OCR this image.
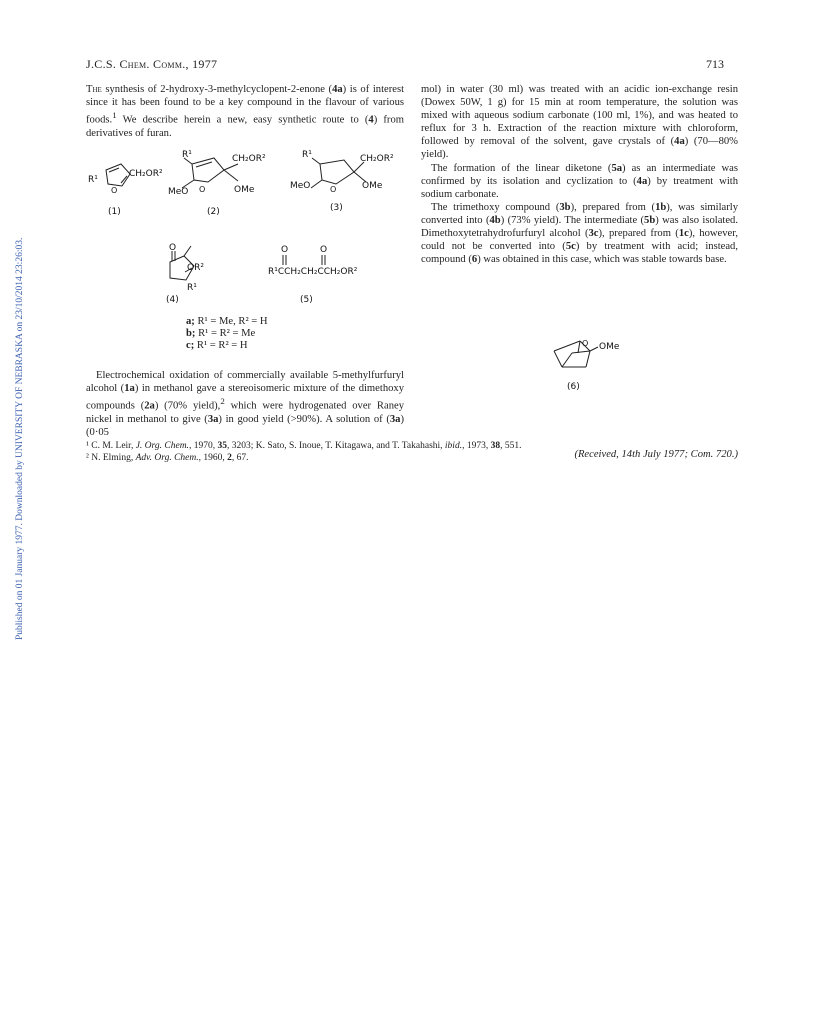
Published on 01 January 1977. Downloaded by UNIVERSITY OF NEBRASKA on 23/10/2014 23:26:03.
J.C.S. Chem. Comm., 1977	713

The synthesis of 2-hydroxy-3-methylcyclopent-2-enone (4a) is of interest since it has been found to be a key compound in the flavour of various foods.$^1$ We describe herein a new, easy synthetic route to (4) from derivatives of furan.

R¹
O
CH₂OR²
R¹
MeO O
CH₂OR²
OMe
R¹
MeO O
CH₂OR²
OMe
(1)	(2)	(3)
O
OR²
R¹
(4)
O	O
R¹CCH₂CH₂CCH₂OR²
(5)
a; R¹ = Me, R² = H
b; R¹ = R² = Me
c; R¹ = R² = H

Electrochemical oxidation of commercially available 5-methylfurfuryl alcohol (1a) in methanol gave a stereoisomeric mixture of the dimethoxy compounds (2a) (70% yield),$^2$ which were hydrogenated over Raney nickel in methanol to give (3a) in good yield (>90%). A solution of (3a) (0·05

mol) in water (30 ml) was treated with an acidic ion-exchange resin (Dowex 50W, 1 g) for 15 min at room temperature, the solution was mixed with aqueous sodium carbonate (100 ml, 1%), and was heated to reflux for 3 h. Extraction of the reaction mixture with chloroform, followed by removal of the solvent, gave crystals of (4a) (70—80% yield).

The formation of the linear diketone (5a) as an intermediate was confirmed by its isolation and cyclization to (4a) by treatment with sodium carbonate.

The trimethoxy compound (3b), prepared from (1b), was similarly converted into (4b) (73% yield). The intermediate (5b) was also isolated. Dimethoxytetrahydrofurfuryl alcohol (3c), prepared from (1c), however, could not be converted into (5c) by treatment with acid; instead, compound (6) was obtained in this case, which was stable towards base.

O OMe
(6)
(Received, 14th July 1977; Com. 720.)
¹ C. M. Leir, J. Org. Chem., 1970, 35, 3203; K. Sato, S. Inoue, T. Kitagawa, and T. Takahashi, ibid., 1973, 38, 551.
² N. Elming, Adv. Org. Chem., 1960, 2, 67.
